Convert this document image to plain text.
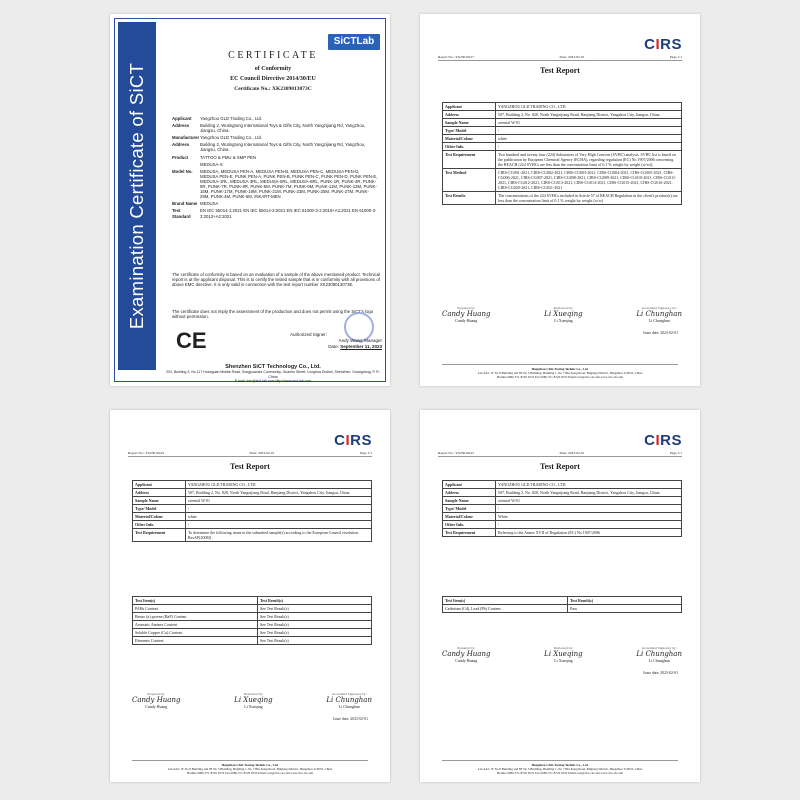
Examination Certificate of SiCT
SiCTLab
CERTIFICATE
of Conformity
EC Council Directive 2014/30/EU
Certificate No.: XK2309013073C
Applicant	Yangzhou GLD Trading Co., Ltd.
Address	Building 2, Wutingtong International Toys & Gifts City, North Yangzijiang Rd, Yangzhou, Jiangsu, China.
Manufacturer Yangzhou GLD Trading Co., Ltd.
Address	Building 2, Wutingtong International Toys & Gifts City, North Yangzijiang Rd, Yangzhou, Jiangsu, China.
Product	TATTOO & PMU & SMP PEN
MEDUSA-S
Model No.	MEDUSA, MEDUSA PEN-A, MEDUSA PEN-B, MEDUSA PEN-C, MEDUSA PEN-D, MEDUSA PEN-E, PUNK PEN-A, PUNK PEN-B, PUNK PEN-C, PUNK PEN-D, PUNK PEN-E, MEDUSA-1RL, MEDUSA-3RL, MEDUSA-5RL, MEDUSA-8RL, PUNK-1R, PUNK-3R, PUNK-5R, PUNK-7R, PUNK-9R, PUNK-5M, PUNK-7M, PUNK-9M, PUNK-11M, PUNK-13M, PUNK-15M, PUNK-17M, PUNK-19M, PUNK-21M, PUNK-23M, PUNK-25M, PUNK-27M, PUNK-29M, PUNK-4M, PUNK-6M, INKART-MEN
Brand Name MEDUSA
Test Standard
EN IEC 55014-1:2021 EN IEC 55014-2:2021 EN IEC 61000-3-2:2019+A1:2021 EN 61000-3-3:2013+A2:2021
The certificate of conformity is based on an evaluation of a sample of the above mentioned product. Technical report is at the applicant disposal. This is to certify the tested sample that is in conformity with all provisions of above EMC directive. It is only valid in connection with the test report number XK2309013073E.
The certificate does not imply the assessment of the production and does not permit using the SiCT's logo without permission.
CE	Authorized Signer:
Andy Wang, Manager
Date: September 11, 2023
Shenzhen SiCT Technology Co., Ltd.
202, Building 3, No 117 Huanguan Middle Road, Songyuanxia Community, Guanhu Street, Longhua District, Shenzhen, Guangdong, P. R. China
E-mail: info@sict-lab.com http://www.sict-lab.com
CIRS
Report No.: TX23010417	Date: 2023-02-01	Page 1/1
Test Report
Applicant	YANGZHOU GLD TRADING CO., LTD.
Address	507, Building 2, No. 828, North Yangzijiang Road, Hanjiang District, Yangzhou City, Jiangsu, China.
Sample Name	oriental W-01
Type/ Model	/
Material/Colour	white
Other Info.	/
Test Requirement	Two hundred and twenty four (224) Substances of Very High Concern (SVHC) analysis. SVHC list is based on the publication by European Chemical Agency (ECHA), regarding regulation (EC) No 1907/2006 concerning the REACH (224 SVHCs are less than the concentration limit of 0.1 % weight by weight (w/w)).
Test Method	CIRS-CG001-2021, CIRS-CG002-2021, CIRS-CG003-2021, CIRS-CG004-2021, CIRS-CG005-2021, CIRS-CG006-2021, CIRS-CG007-2021, CIRS-CG008-2021, CIRS-CG009-2021, CIRS-CG010-2021, CIRS-CG011-2021, CIRS-CG012-2021, CIRS-CG013-2021, CIRS-CG014-2021, CIRS-CG015-2021, CIRS-CG016-2021, CIRS-CG020-2021, CIRS-CG021-2021
Test Results	The concentrations of the 224 SVHCs included in Article 57 of REACH Regulation in the client's product(s) are less than the concentration limit of 0.1 % weight by weight (w/w).
Prepared by:
Candy Huang
Candy Huang
Reviewed by:
Li Xueqing
Li Xueqing
Accredited Signatory by:
Li Chunghan
Li Chunghan
Issue date: 2023-02-01
Hangzhou C&K Testing Technic Co., Ltd.
Lab Add: 1F No 8 Building and 8F No 5 Building, Building 1, No 7 Bin Kang Road, Binjiang District, Hangzhou 310052, China
Hotline 0086-571-8720 6574 Fax 0086-571-8720 6533 Email: test@cirs-ck.com www.cirs-ck.com
CIRS
Report No.: TX23010419	Date: 2023-02-01	Page 1/1
Test Report
Applicant	YANGZHOU GLD TRADING CO., LTD.
Address	507, Building 2, No. 828, North Yangzijiang Road, Hanjiang District, Yangzhou City, Jiangsu, China.
Sample Name	oriental W-01
Type/ Model	/
Material/Colour	white
Other Info.	/
Test Requirement	To determine the following items in the submitted sample(s) according to the European Council resolution ResAP(2008)1.
Test Item(s)	Test Result(s)
PAHs Content	See Test Result(s)
Benzo (a) pyrene (BaP) Content	See Test Result(s)
Aromatic Amines Content	See Test Result(s)
Soluble Copper (Cu) Content	See Test Result(s)
Elements Content	See Test Result(s)
Prepared by:
Candy Huang
Candy Huang
Reviewed by:
Li Xueqing
Li Xueqing
Accredited Signatory by:
Li Chunghan
Li Chunghan
Issue date: 2023-02-01
Hangzhou C&K Testing Technic Co., Ltd.
Lab Add: 1F No 8 Building and 8F No 5 Building, Building 1, No 7 Bin Kang Road, Binjiang District, Hangzhou 310052, China
Hotline 0086-571-8720 6574 Fax 0086-571-8720 6533 Email: test@cirs-ck.com www.cirs-ck.com
CIRS
Report No.: TX23010415	Date: 2023-02-01	Page 1/1
Test Report
Applicant	YANGZHOU GLD TRADING CO., LTD.
Address	507, Building 2, No. 828, North Yangzijiang Road, Hanjiang District, Yangzhou City, Jiangsu, China.
Sample Name	oriental W-01
Type/ Model	/
Material/Colour	White
Other Info.	/
Test Requirement	Referring to the Annex XVII of Regulation (EC) No 1907/2006
Test Item(s)	Test Result(s)
Cadmium (Cd), Lead (Pb) Content	Pass
Prepared by:
Candy Huang
Candy Huang
Reviewed by:
Li Xueqing
Li Xueqing
Accredited Signatory by:
Li Chunghan
Li Chunghan
Issue date: 2023-02-01
Hangzhou C&K Testing Technic Co., Ltd.
Lab Add: 1F No 8 Building and 8F No 5 Building, Building 1, No 7 Bin Kang Road, Binjiang District, Hangzhou 310052, China
Hotline 0086-571-8720 6574 Fax 0086-571-8720 6533 Email: test@cirs-ck.com www.cirs-ck.com
